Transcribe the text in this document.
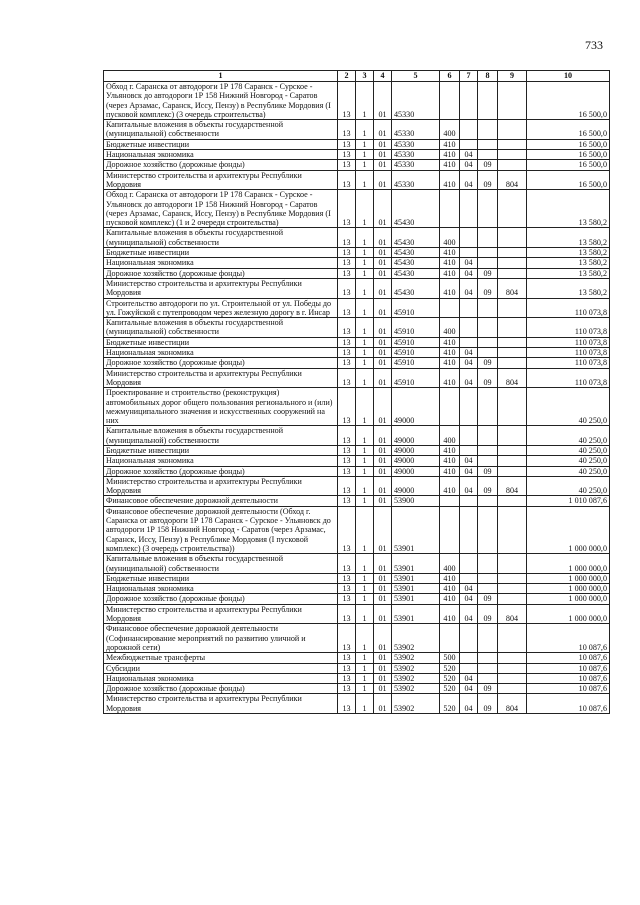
733
1	2	3	4	5	6	7	8	9	10
Обход г. Саранска от автодороги 1Р 178 Саранск - Сурское - Ульяновск до автодороги 1Р 158 Нижний Новгород - Саратов (через Арзамас, Саранск, Исcу, Пензу) в Республике Мордовия (I пусковой комплекс) (3 очередь строительства)	13	1	01	45330					16 500,0
Капитальные вложения в объекты государственной (муниципальной) собственности	13	1	01	45330	400				16 500,0
Бюджетные инвестиции	13	1	01	45330	410				16 500,0
Национальная экономика	13	1	01	45330	410	04			16 500,0
Дорожное хозяйство (дорожные фонды)	13	1	01	45330	410	04	09		16 500,0
Министерство строительства и архитектуры Республики Мордовия	13	1	01	45330	410	04	09	804	16 500,0
Обход г. Саранска от автодороги 1Р 178 Саранск - Сурское - Ульяновск до автодороги 1Р 158 Нижний Новгород - Саратов (через Арзамас, Саранск, Исcу, Пензу) в Республике Мордовия (I пусковой комплекс) (1 и 2 очереди строительства)	13	1	01	45430					13 580,2
Капитальные вложения в объекты государственной (муниципальной) собственности	13	1	01	45430	400				13 580,2
Бюджетные инвестиции	13	1	01	45430	410				13 580,2
Национальная экономика	13	1	01	45430	410	04			13 580,2
Дорожное хозяйство (дорожные фонды)	13	1	01	45430	410	04	09		13 580,2
Министерство строительства и архитектуры Республики Мордовия	13	1	01	45430	410	04	09	804	13 580,2
Строительство автодороги по ул. Строительной от ул. Победы до ул. Гожуйской с путепроводом через железную дорогу в г. Инсар	13	1	01	45910					110 073,8
Капитальные вложения в объекты государственной (муниципальной) собственности	13	1	01	45910	400				110 073,8
Бюджетные инвестиции	13	1	01	45910	410				110 073,8
Национальная экономика	13	1	01	45910	410	04			110 073,8
Дорожное хозяйство (дорожные фонды)	13	1	01	45910	410	04	09		110 073,8
Министерство строительства и архитектуры Республики Мордовия	13	1	01	45910	410	04	09	804	110 073,8
Проектирование и строительство (реконструкция) автомобильных дорог общего пользования регионального и (или) межмуниципального значения и искусственных сооружений на них	13	1	01	49000					40 250,0
Капитальные вложения в объекты государственной (муниципальной) собственности	13	1	01	49000	400				40 250,0
Бюджетные инвестиции	13	1	01	49000	410				40 250,0
Национальная экономика	13	1	01	49000	410	04			40 250,0
Дорожное хозяйство (дорожные фонды)	13	1	01	49000	410	04	09		40 250,0
Министерство строительства и архитектуры Республики Мордовия	13	1	01	49000	410	04	09	804	40 250,0
Финансовое обеспечение дорожной деятельности	13	1	01	53900					1 010 087,6
Финансовое обеспечение дорожной деятельности (Обход г. Саранска от автодороги 1Р 178 Саранск - Сурское - Ульяновск до автодороги 1Р 158 Нижний Новгород - Саратов (через Арзамас, Саранск, Исcу, Пензу) в Республике Мордовия (I пусковой комплекс) (3 очередь строительства))	13	1	01	53901					1 000 000,0
Капитальные вложения в объекты государственной (муниципальной) собственности	13	1	01	53901	400				1 000 000,0
Бюджетные инвестиции	13	1	01	53901	410				1 000 000,0
Национальная экономика	13	1	01	53901	410	04			1 000 000,0
Дорожное хозяйство (дорожные фонды)	13	1	01	53901	410	04	09		1 000 000,0
Министерство строительства и архитектуры Республики Мордовия	13	1	01	53901	410	04	09	804	1 000 000,0
Финансовое обеспечение дорожной деятельности (Софинансирование мероприятий по развитию уличной и дорожной сети)	13	1	01	53902					10 087,6
Межбюджетные трансферты	13	1	01	53902	500				10 087,6
Субсидии	13	1	01	53902	520				10 087,6
Национальная экономика	13	1	01	53902	520	04			10 087,6
Дорожное хозяйство (дорожные фонды)	13	1	01	53902	520	04	09		10 087,6
Министерство строительства и архитектуры Республики Мордовия	13	1	01	53902	520	04	09	804	10 087,6
